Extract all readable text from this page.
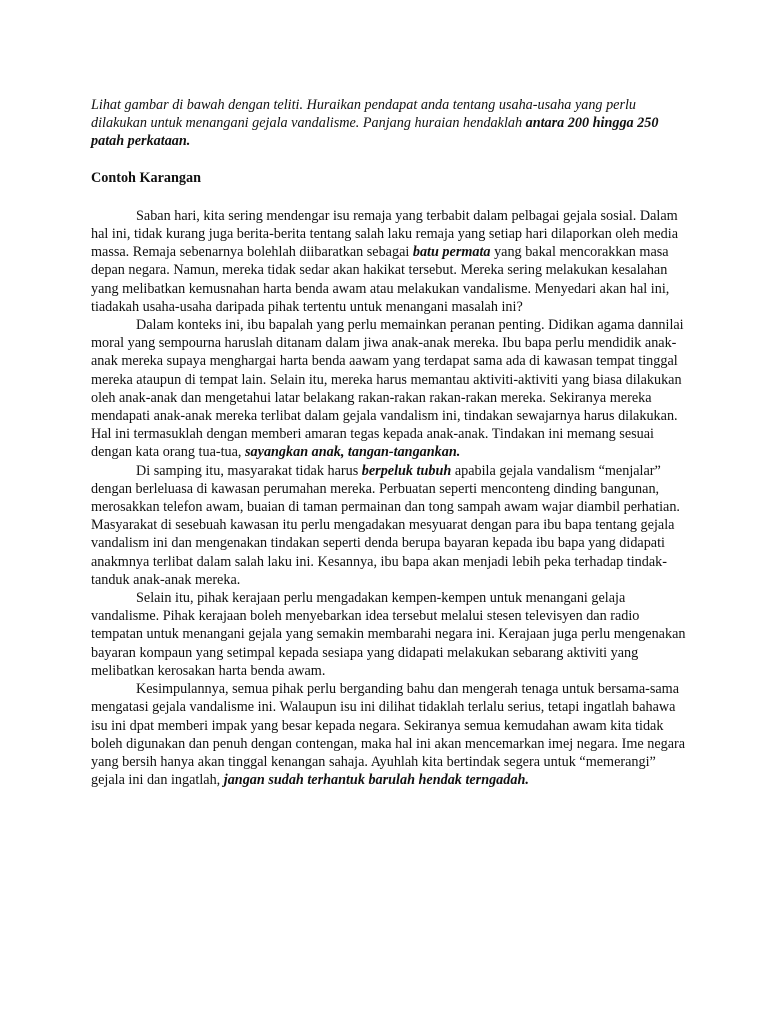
Lihat gambar di bawah dengan teliti. Huraikan pendapat anda tentang usaha-usaha yang perlu dilakukan untuk menangani gejala vandalisme. Panjang huraian hendaklah antara 200 hingga 250 patah perkataan.

Contoh Karangan

Saban hari, kita sering mendengar isu remaja yang terbabit dalam pelbagai gejala sosial. Dalam hal ini, tidak kurang juga berita-berita tentang salah laku remaja yang setiap hari dilaporkan oleh media massa. Remaja sebenarnya bolehlah diibaratkan sebagai batu permata yang bakal mencorakkan masa depan negara. Namun, mereka tidak sedar akan hakikat tersebut. Mereka sering melakukan kesalahan yang melibatkan kemusnahan harta benda awam atau melakukan vandalisme. Menyedari akan hal ini, tiadakah usaha-usaha daripada pihak tertentu untuk menangani masalah ini?

Dalam konteks ini, ibu bapalah yang perlu memainkan peranan penting. Didikan agama dannilai moral yang sempourna haruslah ditanam dalam jiwa anak-anak mereka. Ibu bapa perlu mendidik anak-anak mereka supaya menghargai harta benda aawam yang terdapat sama ada di kawasan tempat tinggal mereka ataupun di tempat lain. Selain itu, mereka harus memantau aktiviti-aktiviti yang biasa dilakukan oleh anak-anak dan mengetahui latar belakang rakan-rakan rakan-rakan mereka. Sekiranya mereka mendapati anak-anak mereka terlibat dalam gejala vandalism ini, tindakan sewajarnya harus dilakukan. Hal ini termasuklah dengan memberi amaran tegas kepada anak-anak. Tindakan ini memang sesuai dengan kata orang tua-tua, sayangkan anak, tangan-tangankan.

Di samping itu, masyarakat tidak harus berpeluk tubuh apabila gejala vandalism “menjalar” dengan berleluasa di kawasan perumahan mereka. Perbuatan seperti menconteng dinding bangunan, merosakkan telefon awam, buaian di taman permainan dan tong sampah awam wajar diambil perhatian. Masyarakat di sesebuah kawasan itu perlu mengadakan mesyuarat dengan para ibu bapa tentang gejala vandalism ini dan mengenakan tindakan seperti denda berupa bayaran kepada ibu bapa yang didapati anakmnya terlibat dalam salah laku ini. Kesannya, ibu bapa akan menjadi lebih peka terhadap tindak-tanduk anak-anak mereka.

Selain itu, pihak kerajaan perlu mengadakan kempen-kempen untuk menangani gelaja vandalisme. Pihak kerajaan boleh menyebarkan idea tersebut melalui stesen televisyen dan radio tempatan untuk menangani gejala yang semakin membarahi negara ini. Kerajaan juga perlu mengenakan bayaran kompaun yang setimpal kepada sesiapa yang didapati melakukan sebarang aktiviti yang melibatkan kerosakan harta benda awam.

Kesimpulannya, semua pihak perlu berganding bahu dan mengerah tenaga untuk bersama-sama mengatasi gejala vandalisme ini. Walaupun isu ini dilihat tidaklah terlalu serius, tetapi ingatlah bahawa isu ini dpat memberi impak yang besar kepada negara. Sekiranya semua kemudahan awam kita tidak boleh digunakan dan penuh dengan contengan, maka hal ini akan mencemarkan imej negara. Ime negara yang bersih hanya akan tinggal kenangan sahaja. Ayuhlah kita bertindak segera untuk “memerangi” gejala ini dan ingatlah, jangan sudah terhantuk barulah hendak terngadah.
